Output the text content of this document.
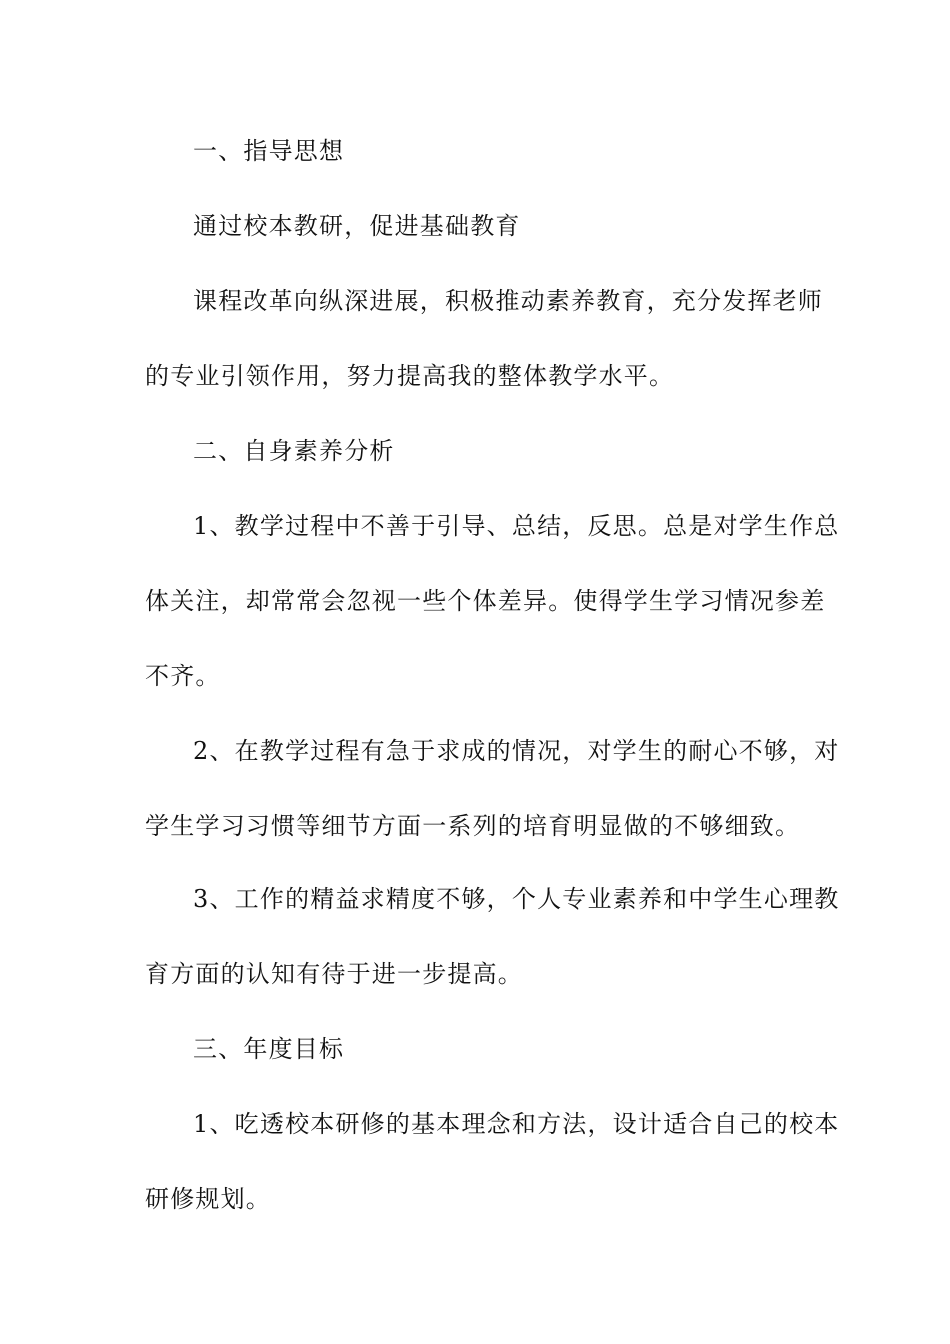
一、指导思想
通过校本教研，促进基础教育
课程改革向纵深进展，积极推动素养教育，充分发挥老师
的专业引领作用，努力提高我的整体教学水平。
二、自身素养分析
1、教学过程中不善于引导、总结，反思。总是对学生作总
体关注，却常常会忽视一些个体差异。使得学生学习情况参差
不齐。
2、在教学过程有急于求成的情况，对学生的耐心不够，对
学生学习习惯等细节方面一系列的培育明显做的不够细致。
3、工作的精益求精度不够，个人专业素养和中学生心理教
育方面的认知有待于进一步提高。
三、年度目标
1、吃透校本研修的基本理念和方法，设计适合自己的校本
研修规划。
